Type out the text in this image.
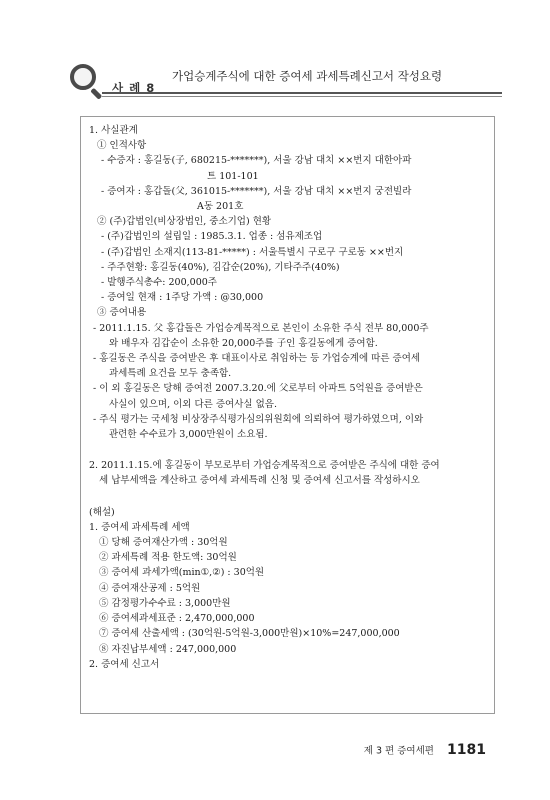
사 례 8
가업승계주식에 대한 증여세 과세특례신고서 작성요령

1. 사실관계

① 인적사항

- 수증자 : 홍길동(子, 680215-*******), 서울 강남 대치 ××번지 대한아파

트 101-101

- 증여자 : 홍갑돌(父, 361015-*******), 서울 강남 대치 ××번지 궁전빌라

A동 201호

② (주)갑법인(비상장법인, 중소기업) 현황

- (주)갑법인의 설립일 : 1985.3.1. 업종 : 섬유제조업

- (주)갑법인 소재지(113-81-*****) : 서울특별시 구로구 구로동 ××번지

- 주주현황: 홍길동(40%), 김갑순(20%), 기타주주(40%)

- 발행주식총수: 200,000주

- 증여일 현재 : 1주당 가액 : @30,000

③ 증여내용

- 2011.1.15. 父 홍갑돌은 가업승계목적으로 본인이 소유한 주식 전부 80,000주

와 배우자 김갑순이 소유한 20,000주를 子인 홍길동에게 증여함.

- 홍길동은 주식을 증여받은 후 대표이사로 취임하는 등 가업승계에 따른 증여세

과세특례 요건을 모두 충족함.

- 이 외 홍길동은 당해 증여전 2007.3.20.에 父로부터 아파트 5억원을 증여받은

사실이 있으며, 이외 다른 증여사실 없음.

- 주식 평가는 국세청 비상장주식평가심의위원회에 의뢰하여 평가하였으며, 이와

관련한 수수료가 3,000만원이 소요됨.

2. 2011.1.15.에 홍길동이 부모로부터 가업승계목적으로 증여받은 주식에 대한 증여

세 납부세액을 계산하고 증여세 과세특례 신청 및 증여세 신고서를 작성하시오

(해설)

1. 증여세 과세특례 세액

① 당해 증여재산가액 : 30억원

② 과세특례 적용 한도액: 30억원

③ 증여세 과세가액(min①,②) : 30억원

④ 증여재산공제 : 5억원

⑤ 감정평가수수료 : 3,000만원

⑥ 증여세과세표준 : 2,470,000,000

⑦ 증여세 산출세액 : (30억원-5억원-3,000만원)×10%=247,000,000

⑧ 자진납부세액 : 247,000,000

2. 증여세 신고서

제 3 편 증여세편 1181
